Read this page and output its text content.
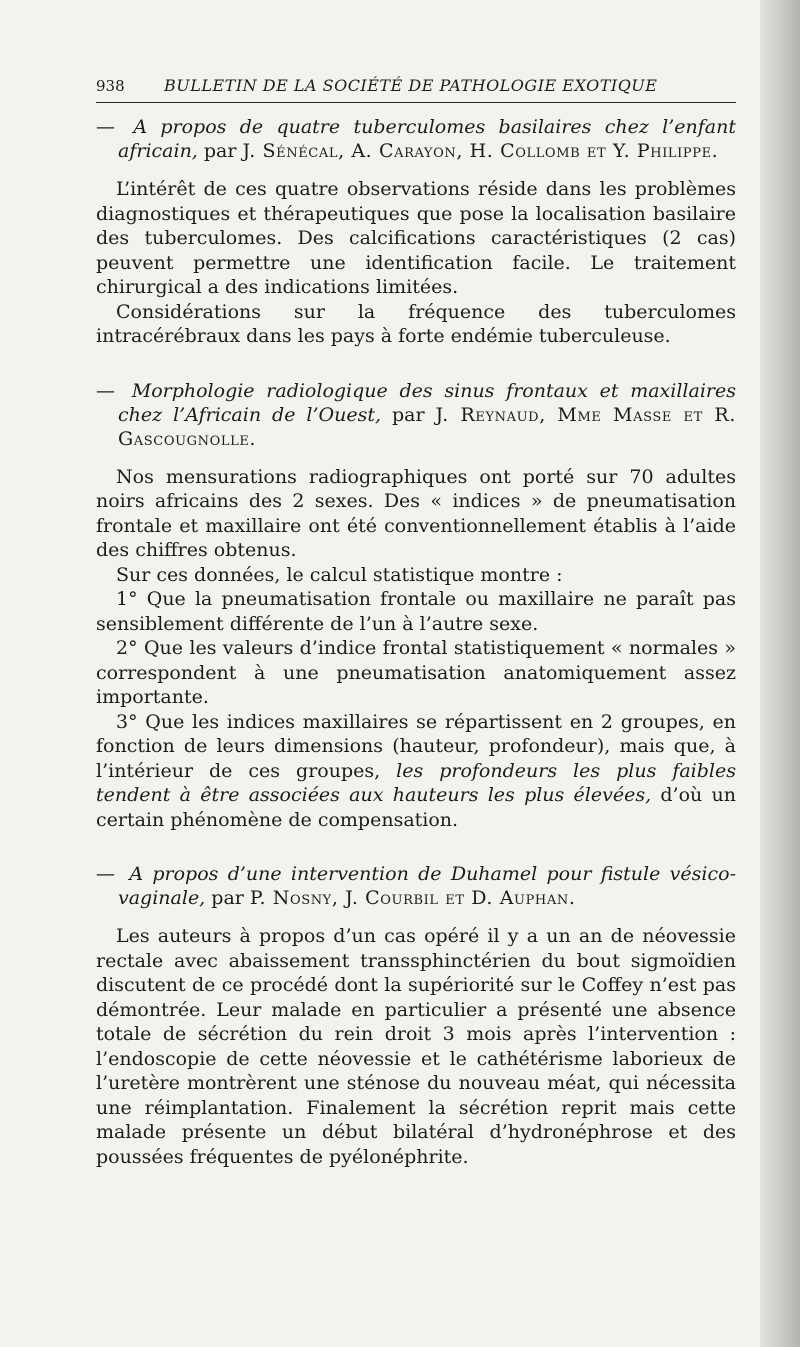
938	BULLETIN DE LA SOCIÉTÉ DE PATHOLOGIE EXOTIQUE
— A propos de quatre tuberculomes basilaires chez l’enfant africain, par J. Sénécal, A. Carayon, H. Collomb et Y. Philippe.

L’intérêt de ces quatre observations réside dans les problèmes diagnostiques et thérapeutiques que pose la localisation basilaire des tuberculomes. Des calcifications caractéristiques (2 cas) peuvent permettre une identification facile. Le traitement chirurgical a des indications limitées.

Considérations sur la fréquence des tuberculomes intracérébraux dans les pays à forte endémie tuberculeuse.

— Morphologie radiologique des sinus frontaux et maxillaires chez l’Africain de l’Ouest, par J. Reynaud, Mme Masse et R. Gascougnolle.

Nos mensurations radiographiques ont porté sur 70 adultes noirs africains des 2 sexes. Des « indices » de pneumatisation frontale et maxillaire ont été conventionnellement établis à l’aide des chiffres obtenus.

Sur ces données, le calcul statistique montre :

1° Que la pneumatisation frontale ou maxillaire ne paraît pas sensiblement différente de l’un à l’autre sexe.

2° Que les valeurs d’indice frontal statistiquement « normales » correspondent à une pneumatisation anatomiquement assez importante.

3° Que les indices maxillaires se répartissent en 2 groupes, en fonction de leurs dimensions (hauteur, profondeur), mais que, à l’intérieur de ces groupes, les profondeurs les plus faibles tendent à être associées aux hauteurs les plus élevées, d’où un certain phénomène de compensation.

— A propos d’une intervention de Duhamel pour fistule vésico-vaginale, par P. Nosny, J. Courbil et D. Auphan.

Les auteurs à propos d’un cas opéré il y a un an de néovessie rectale avec abaissement transsphinctérien du bout sigmoïdien discutent de ce procédé dont la supériorité sur le Coffey n’est pas démontrée. Leur malade en particulier a présenté une absence totale de sécrétion du rein droit 3 mois après l’intervention : l’endoscopie de cette néovessie et le cathétérisme laborieux de l’uretère montrèrent une sténose du nouveau méat, qui nécessita une réimplantation. Finalement la sécrétion reprit mais cette malade présente un début bilatéral d’hydronéphrose et des poussées fréquentes de pyélonéphrite.
